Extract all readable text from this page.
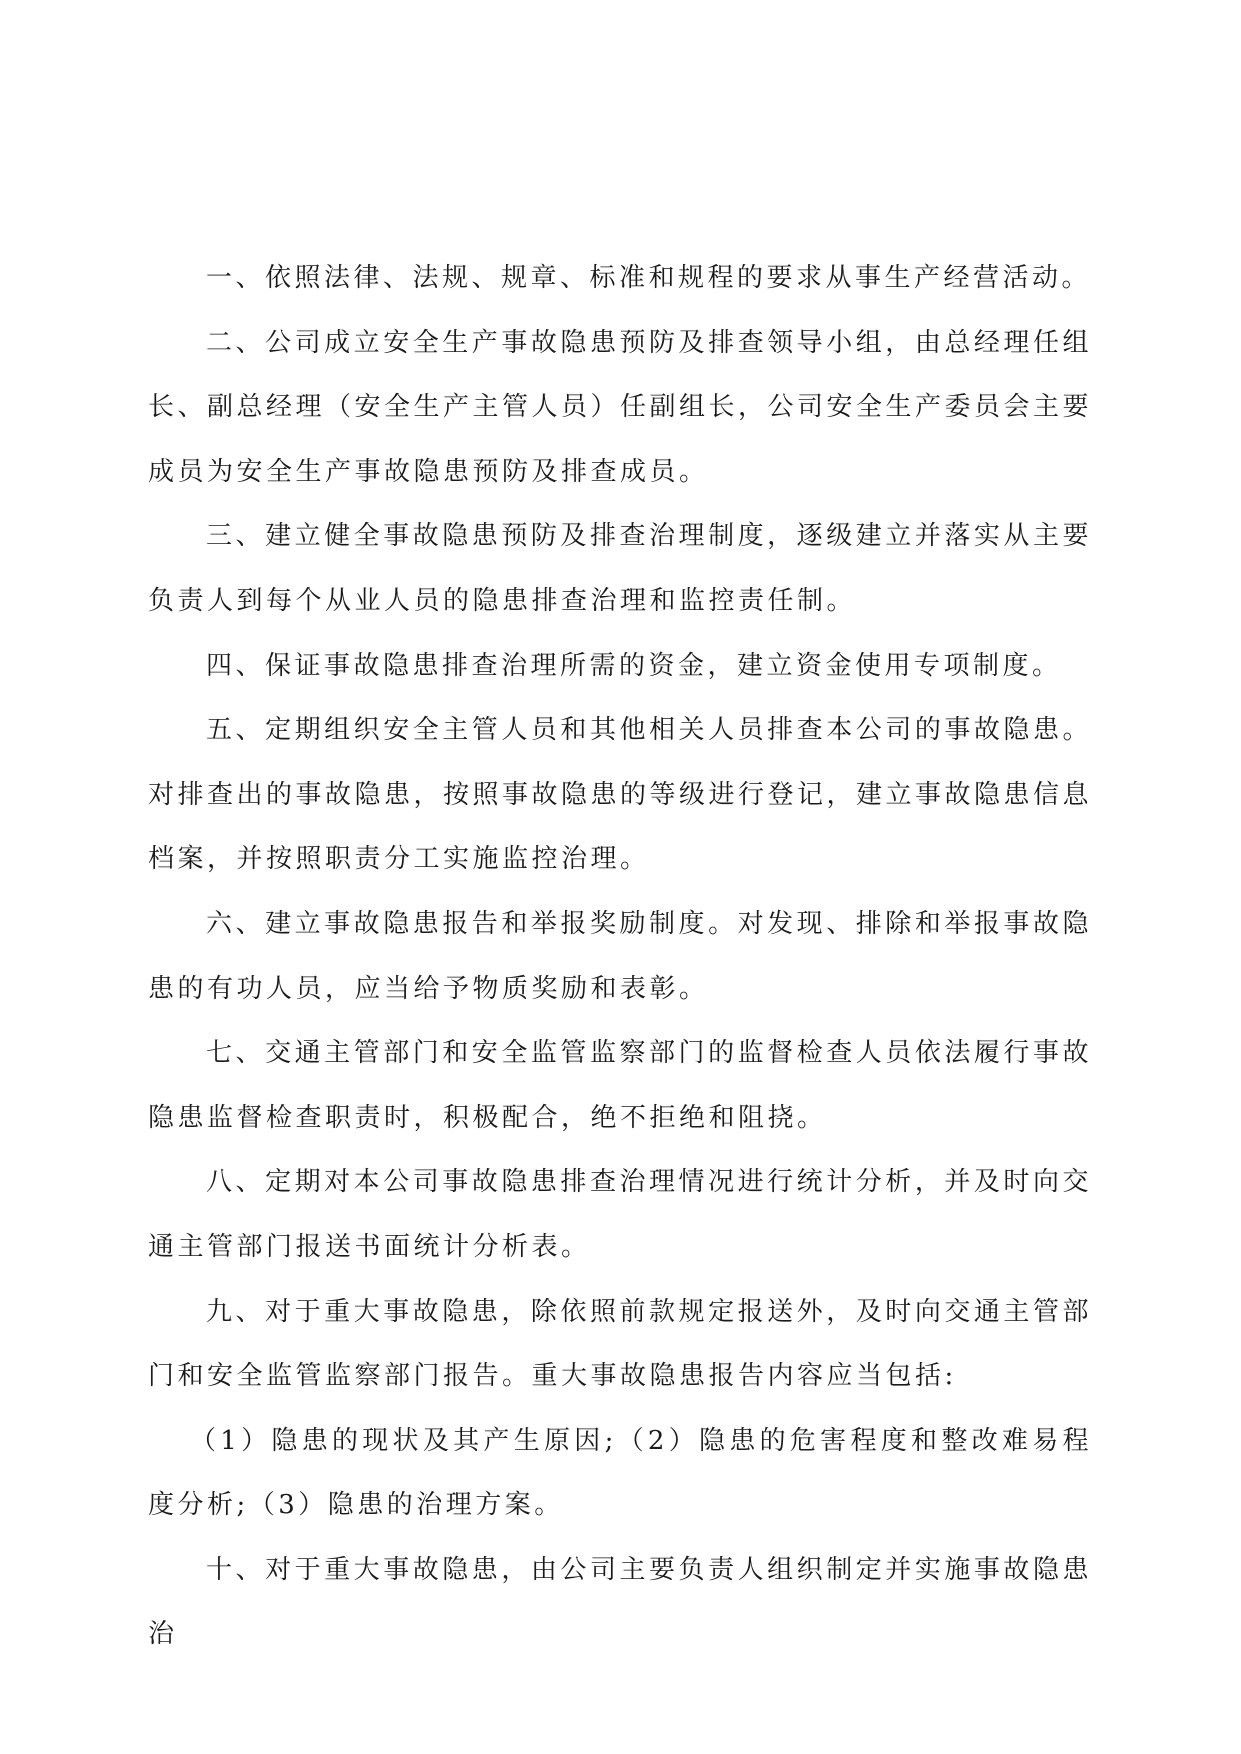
一、依照法律、法规、规章、标准和规程的要求从事生产经营活动。

二、公司成立安全生产事故隐患预防及排查领导小组，由总经理任组长、副总经理（安全生产主管人员）任副组长，公司安全生产委员会主要成员为安全生产事故隐患预防及排查成员。

三、建立健全事故隐患预防及排查治理制度，逐级建立并落实从主要负责人到每个从业人员的隐患排查治理和监控责任制。

四、保证事故隐患排查治理所需的资金，建立资金使用专项制度。

五、定期组织安全主管人员和其他相关人员排查本公司的事故隐患。对排查出的事故隐患，按照事故隐患的等级进行登记，建立事故隐患信息档案，并按照职责分工实施监控治理。

六、建立事故隐患报告和举报奖励制度。对发现、排除和举报事故隐患的有功人员，应当给予物质奖励和表彰。

七、交通主管部门和安全监管监察部门的监督检查人员依法履行事故隐患监督检查职责时，积极配合，绝不拒绝和阻挠。

八、定期对本公司事故隐患排查治理情况进行统计分析，并及时向交通主管部门报送书面统计分析表。

九、对于重大事故隐患，除依照前款规定报送外，及时向交通主管部门和安全监管监察部门报告。重大事故隐患报告内容应当包括:

（1）隐患的现状及其产生原因;（2）隐患的危害程度和整改难易程度分析;（3）隐患的治理方案。

十、对于重大事故隐患，由公司主要负责人组织制定并实施事故隐患治
